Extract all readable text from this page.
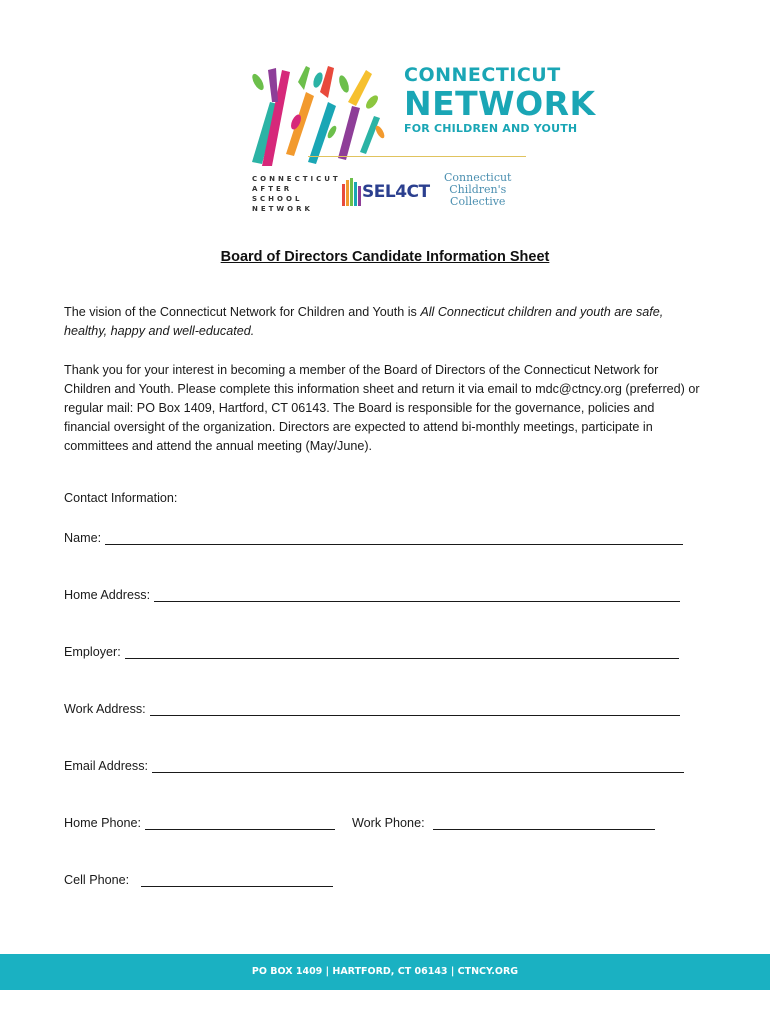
CONNECTICUT
NETWORK
FOR CHILDREN AND YOUTH
CONNECTICUT
AFTER
SCHOOL
NETWORK
SEL4CT
Connecticut
Children's
Collective
Board of Directors Candidate Information Sheet
The vision of the Connecticut Network for Children and Youth is All Connecticut children and youth are safe, healthy, happy and well-educated.
Thank you for your interest in becoming a member of the Board of Directors of the Connecticut Network for Children and Youth. Please complete this information sheet and return it via email to mdc@ctncy.org (preferred) or regular mail: PO Box 1409, Hartford, CT 06143. The Board is responsible for the governance, policies and financial oversight of the organization. Directors are expected to attend bi-monthly meetings, participate in committees and attend the annual meeting (May/June).
Contact Information:
Name:
Home Address:
Employer:
Work Address:
Email Address:
Home Phone:	Work Phone:
Cell Phone:
PO BOX 1409 | HARTFORD, CT 06143 | CTNCY.ORG
